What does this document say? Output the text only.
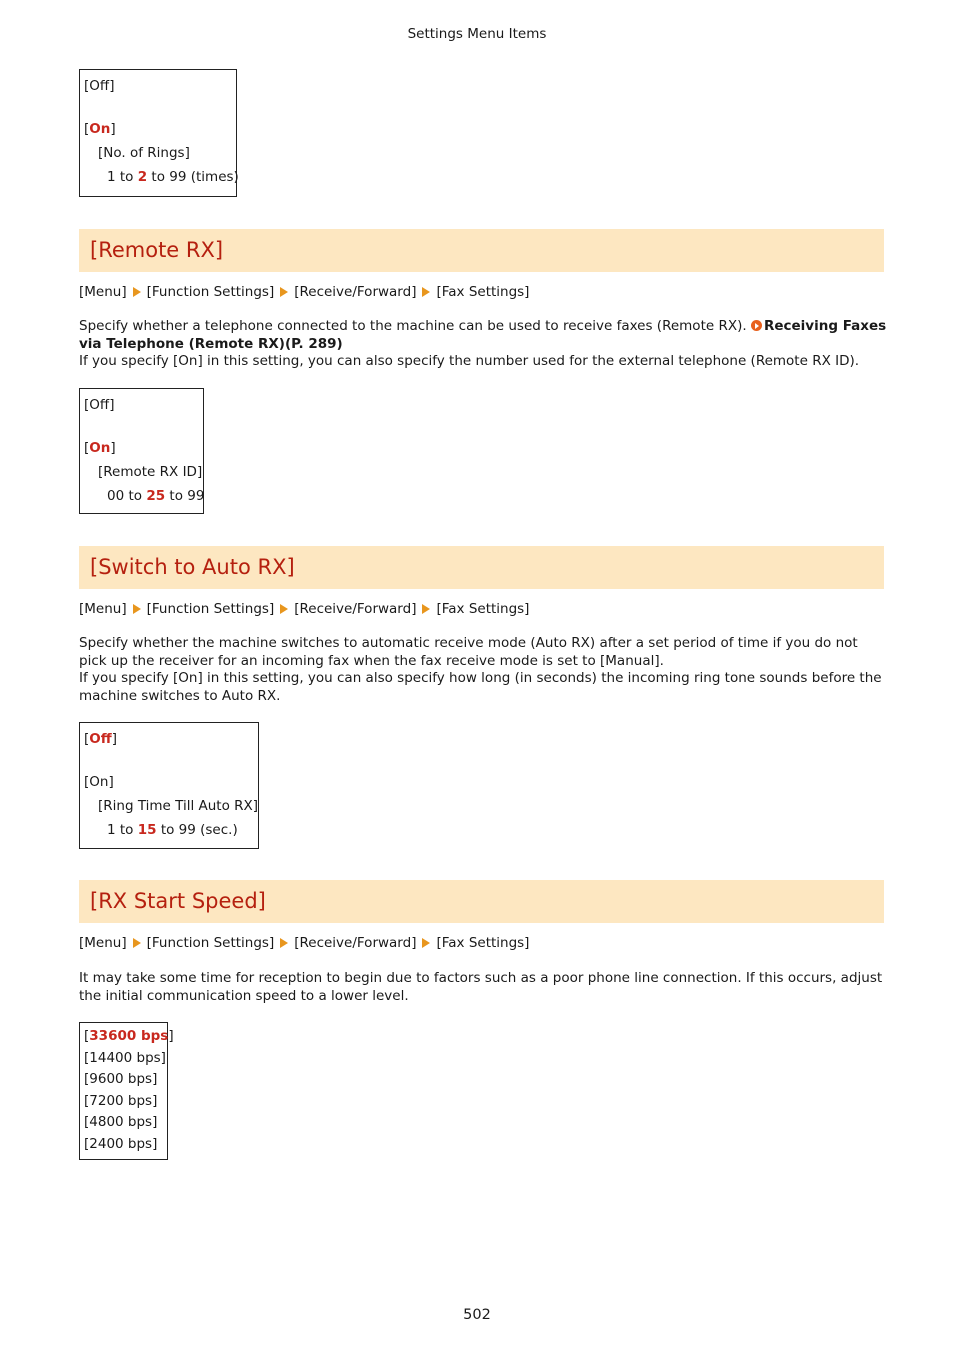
Settings Menu Items
[Off]
[On]
[No. of Rings]
1 to 2 to 99 (times)
[Remote RX]
[Menu] [Function Settings] [Receive/Forward] [Fax Settings]
Specify whether a telephone connected to the machine can be used to receive faxes (Remote RX). Receiving Faxes via Telephone (Remote RX)(P. 289)
If you specify [On] in this setting, you can also specify the number used for the external telephone (Remote RX ID).
[Off]
[On]
[Remote RX ID]
00 to 25 to 99
[Switch to Auto RX]
[Menu] [Function Settings] [Receive/Forward] [Fax Settings]
Specify whether the machine switches to automatic receive mode (Auto RX) after a set period of time if you do not pick up the receiver for an incoming fax when the fax receive mode is set to [Manual].
If you specify [On] in this setting, you can also specify how long (in seconds) the incoming ring tone sounds before the machine switches to Auto RX.
[Off]
[On]
[Ring Time Till Auto RX]
1 to 15 to 99 (sec.)
[RX Start Speed]
[Menu] [Function Settings] [Receive/Forward] [Fax Settings]
It may take some time for reception to begin due to factors such as a poor phone line connection. If this occurs, adjust the initial communication speed to a lower level.
[33600 bps]
[14400 bps]
[9600 bps]
[7200 bps]
[4800 bps]
[2400 bps]
502
